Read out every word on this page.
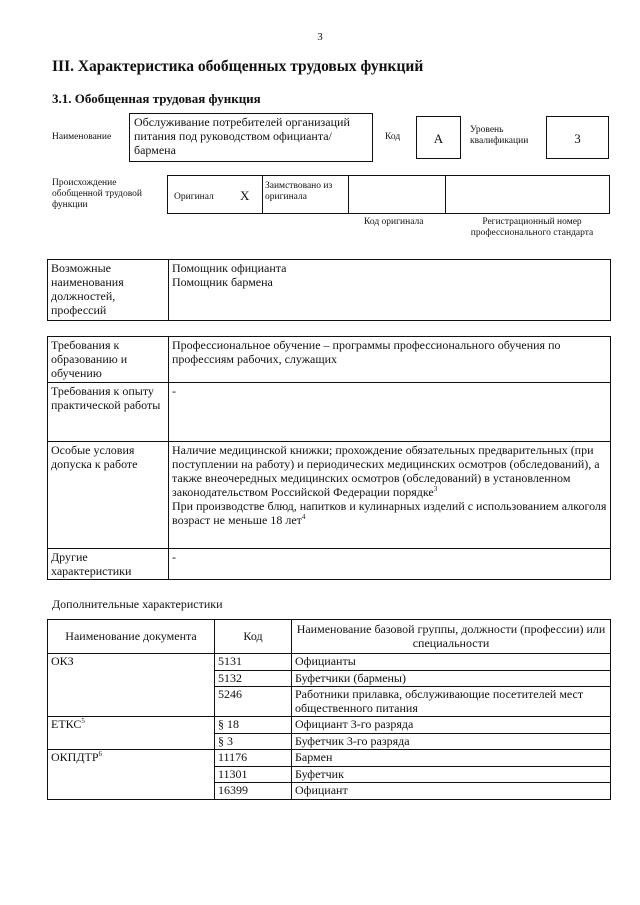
3
III. Характеристика обобщенных трудовых функций
3.1. Обобщенная трудовая функция
Наименование
Обслуживание потребителей организаций питания под руководством официанта/бармена
Код	А
Уровень квалификации	3
Происхождение обобщенной трудовой функции
Оригинал X
Заимствовано из оригинала
Код оригинала	Регистрационный номер профессионального стандарта
Возможные наименования должностей, профессий	
Помощник официанта
Помощник бармена
Требования к образованию и обучению	Профессиональное обучение – программы профессионального обучения по профессиям рабочих, служащих
Требования к опыту практической работы	-
Особые условия допуска к работе	Наличие медицинской книжки; прохождение обязательных предварительных (при поступлении на работу) и периодических медицинских осмотров (обследований), а также внеочередных медицинских осмотров (обследований) в установленном законодательством Российской Федерации порядке$^3$
При производстве блюд, напитков и кулинарных изделий с использованием алкоголя возраст не меньше 18 лет$^4$
Другие характеристики	-
Дополнительные характеристики
Наименование документа	Код	Наименование базовой группы, должности (профессии) или специальности
ОКЗ	5131	Официанты
	5132	Буфетчики (бармены)
	5246	Работники прилавка, обслуживающие посетителей мест общественного питания
ЕТКС$^5$	§ 18	Официант 3-го разряда
	§ 3	Буфетчик 3-го разряда
ОКПДТР$^6$	11176	Бармен
	11301	Буфетчик
	16399	Официант
